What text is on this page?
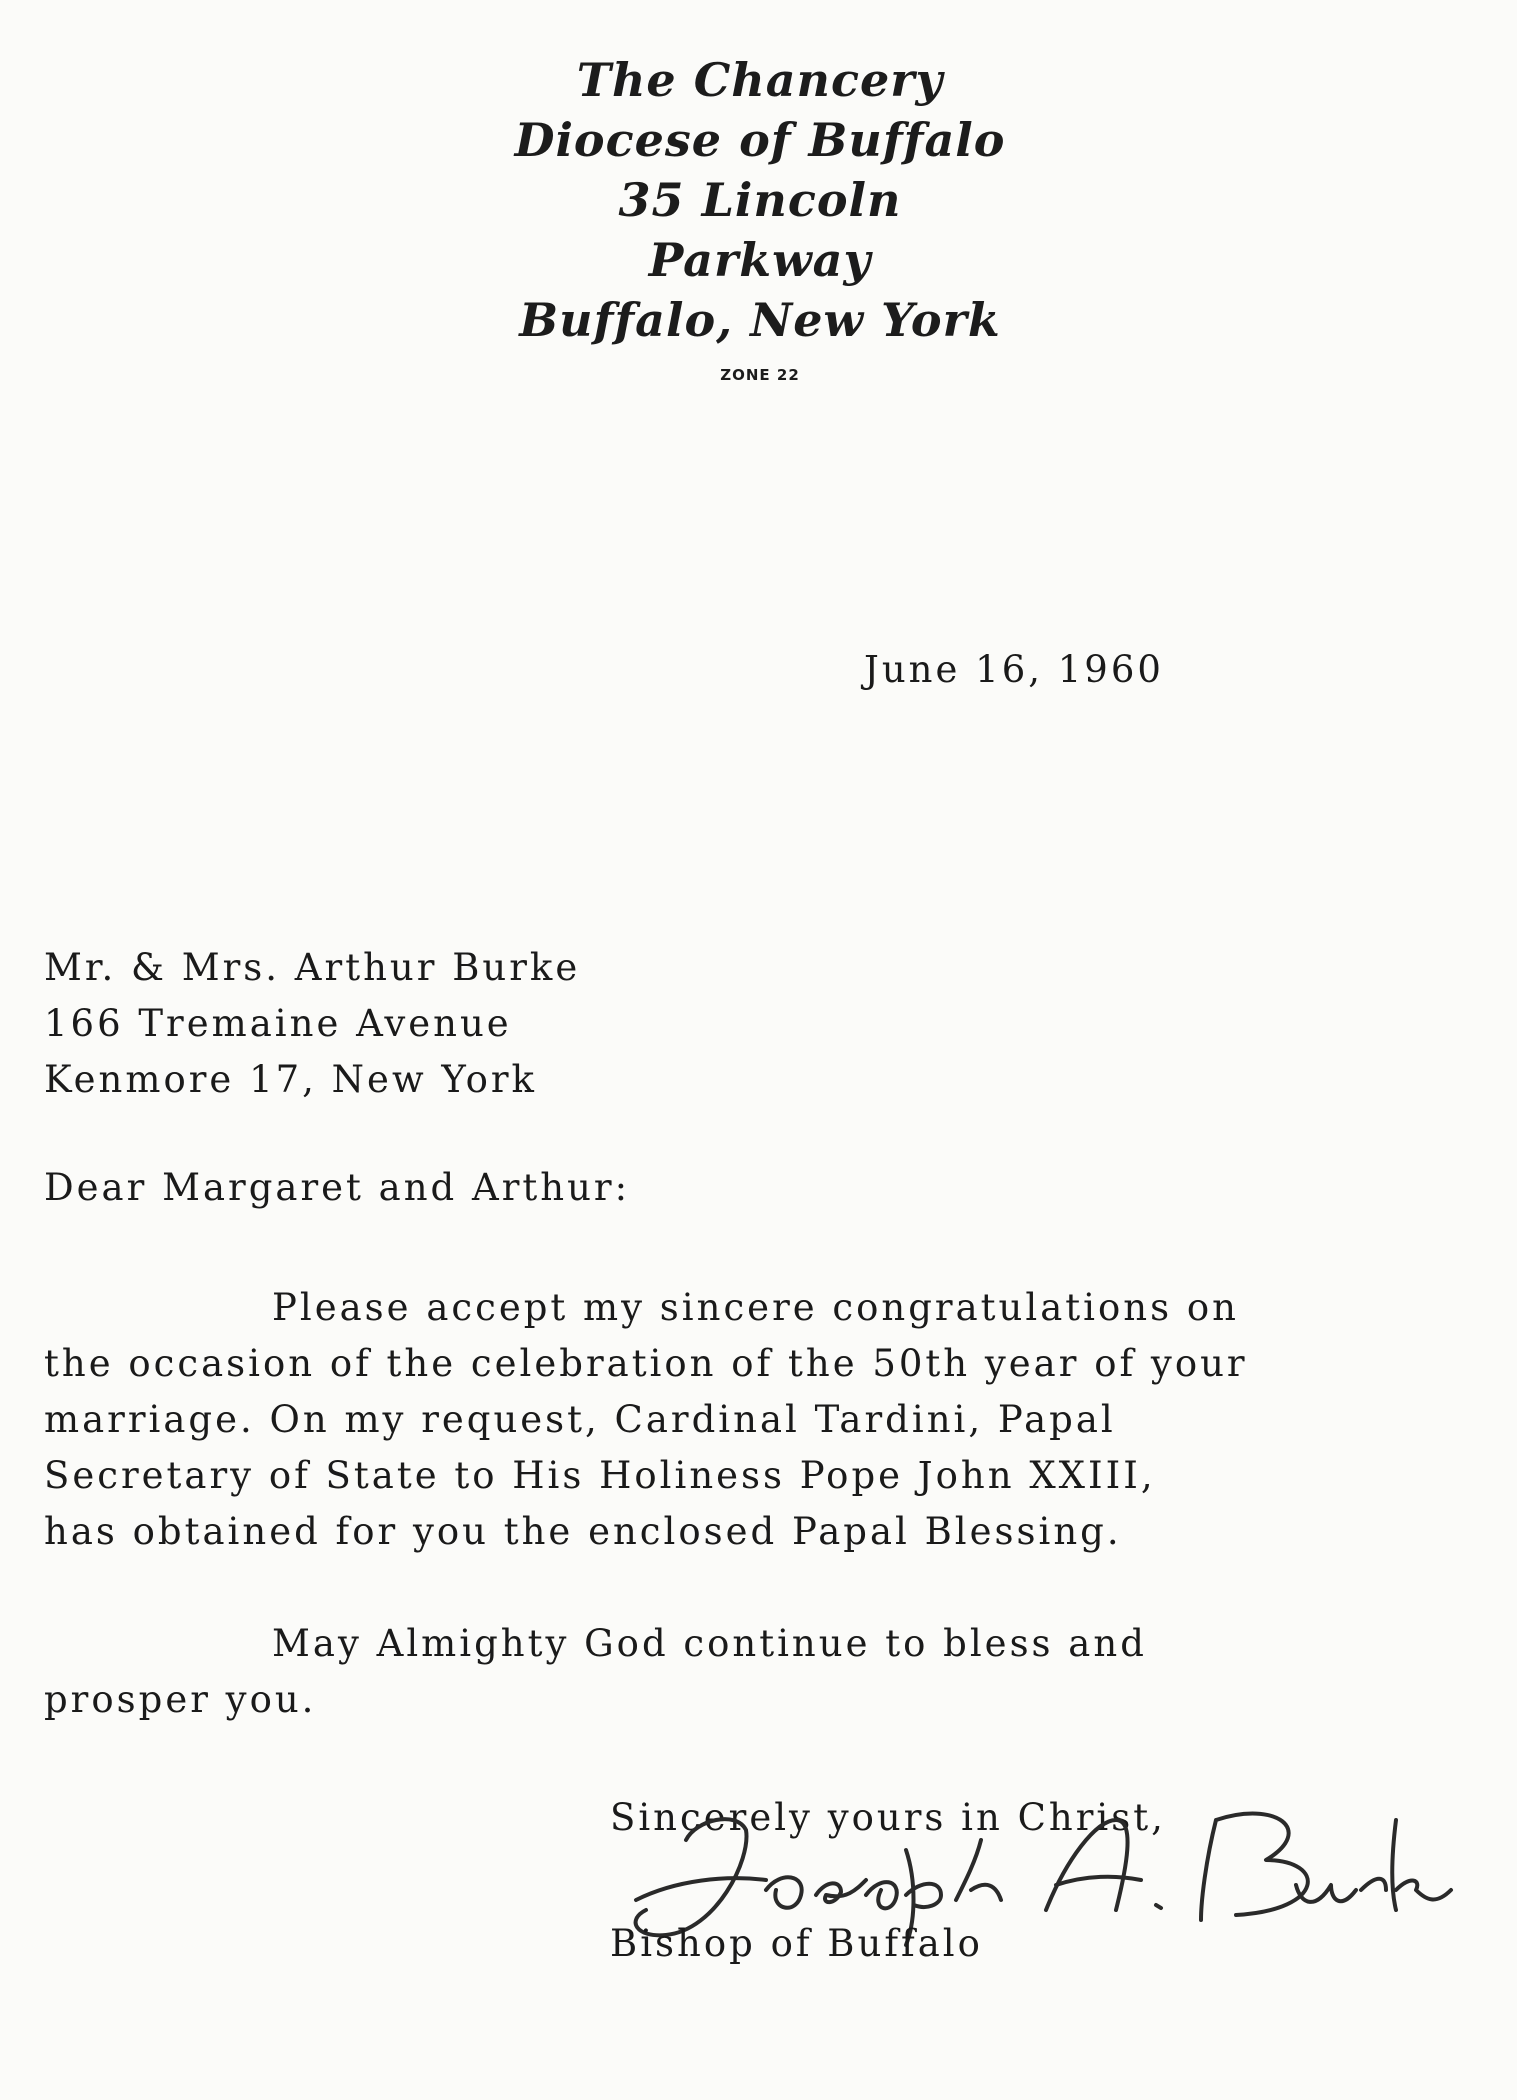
The Chancery
Diocese of Buffalo
35 Lincoln Parkway
Buffalo, New York
ZONE 22
June 16, 1960
Mr. & Mrs. Arthur Burke
166 Tremaine Avenue
Kenmore 17, New York
Dear Margaret and Arthur:
Please accept my sincere congratulations on
the occasion of the celebration of the 50th year of your
marriage. On my request, Cardinal Tardini, Papal
Secretary of State to His Holiness Pope John XXIII,
has obtained for you the enclosed Papal Blessing.
May Almighty God continue to bless and
prosper you.
Sincerely yours in Christ,
Bishop of Buffalo
